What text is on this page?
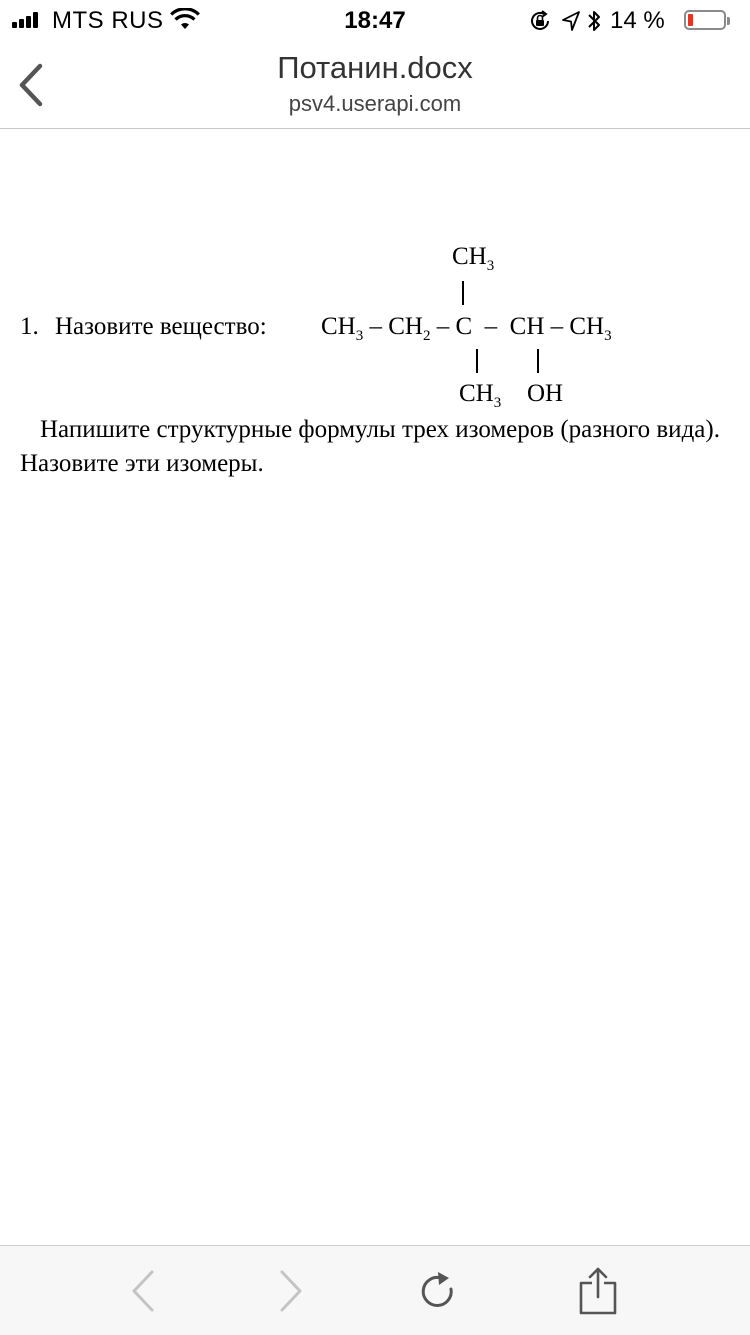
MTS RUS	18:47	14 %
Потанин.docx
psv4.userapi.com
$CH_3$
1. Назовите вещество: $CH_3 - CH_2$ – C  –  CH – $CH_3$
$CH_3$ OH
Напишите структурные формулы трех изомеров (разного вида). Назовите эти изомеры.
